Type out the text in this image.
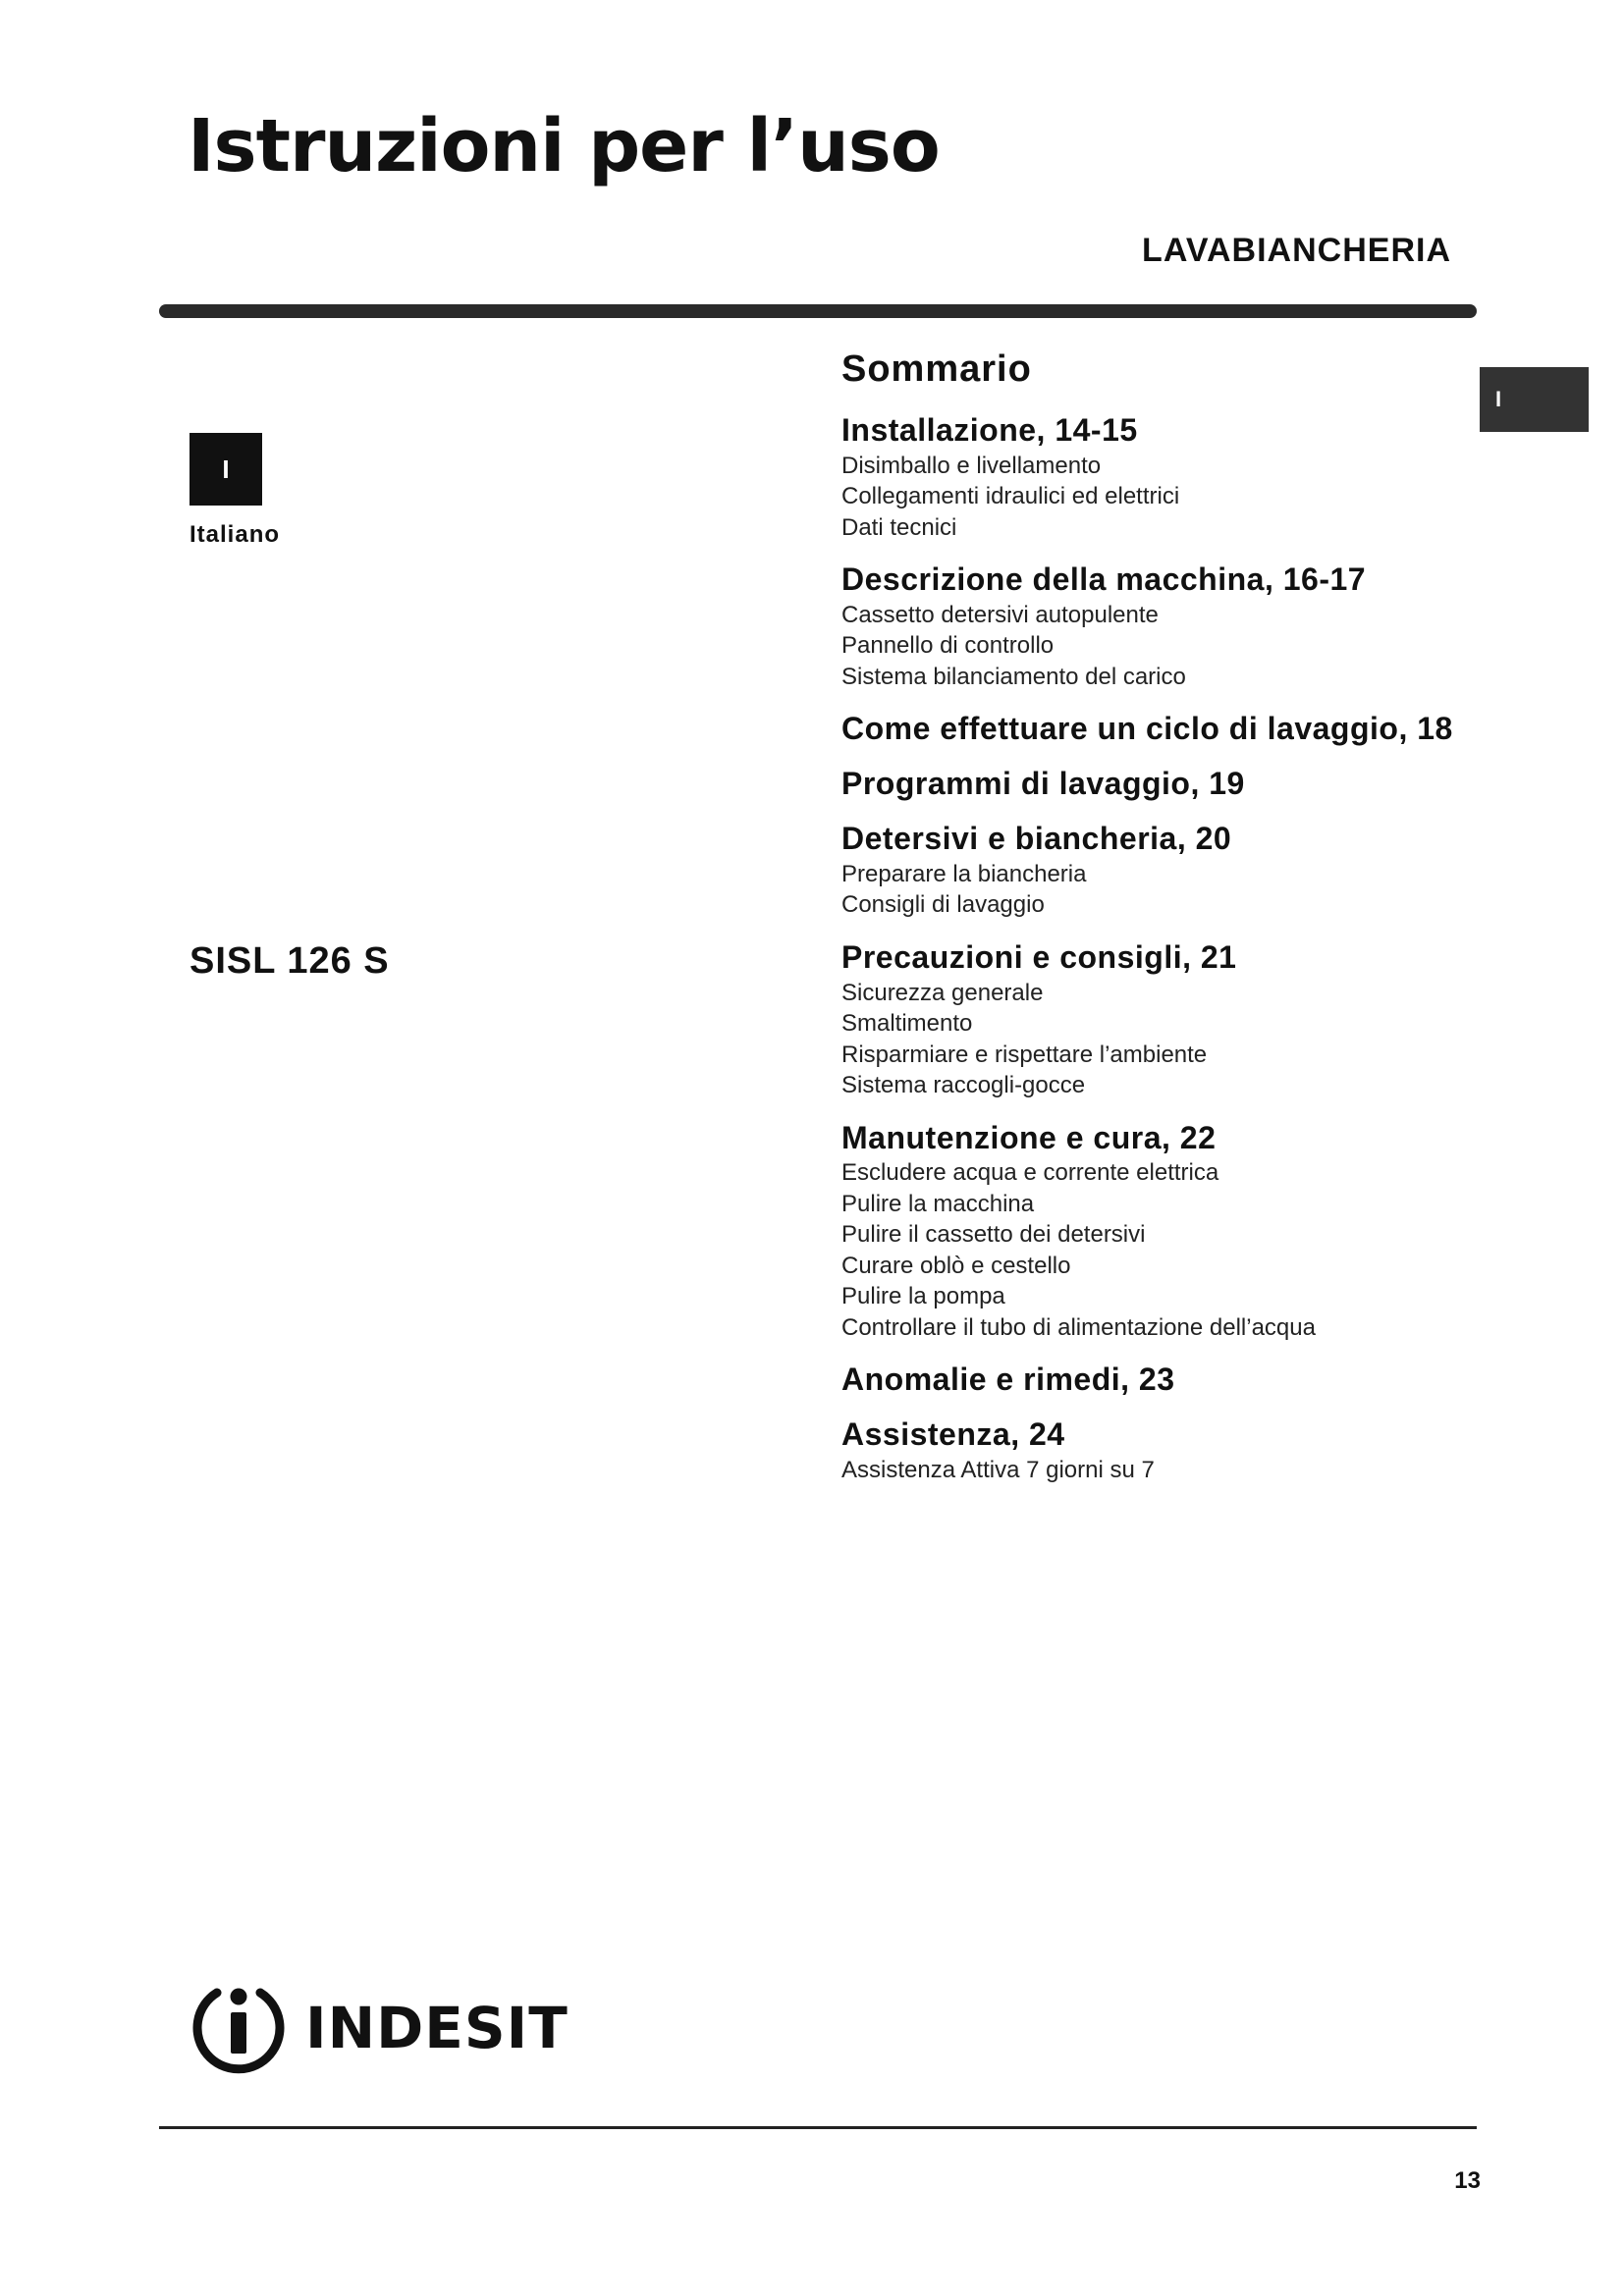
Istruzioni per l’uso
LAVABIANCHERIA
I
I
Italiano
SISL 126 S
Sommario
Installazione, 14-15
Disimballo e livellamento
Collegamenti idraulici ed elettrici
Dati tecnici
Descrizione della macchina, 16-17
Cassetto detersivi autopulente
Pannello di controllo
Sistema bilanciamento del carico
Come effettuare un ciclo di lavaggio, 18
Programmi di lavaggio, 19
Detersivi e biancheria, 20
Preparare la biancheria
Consigli di lavaggio
Precauzioni e consigli, 21
Sicurezza generale
Smaltimento
Risparmiare e rispettare l’ambiente
Sistema raccogli-gocce
Manutenzione e cura, 22
Escludere acqua e corrente elettrica
Pulire la macchina
Pulire il cassetto dei detersivi
Curare oblò e cestello
Pulire la pompa
Controllare il tubo di alimentazione dell’acqua
Anomalie e rimedi, 23
Assistenza, 24
Assistenza Attiva 7 giorni su 7
INDESIT
13
